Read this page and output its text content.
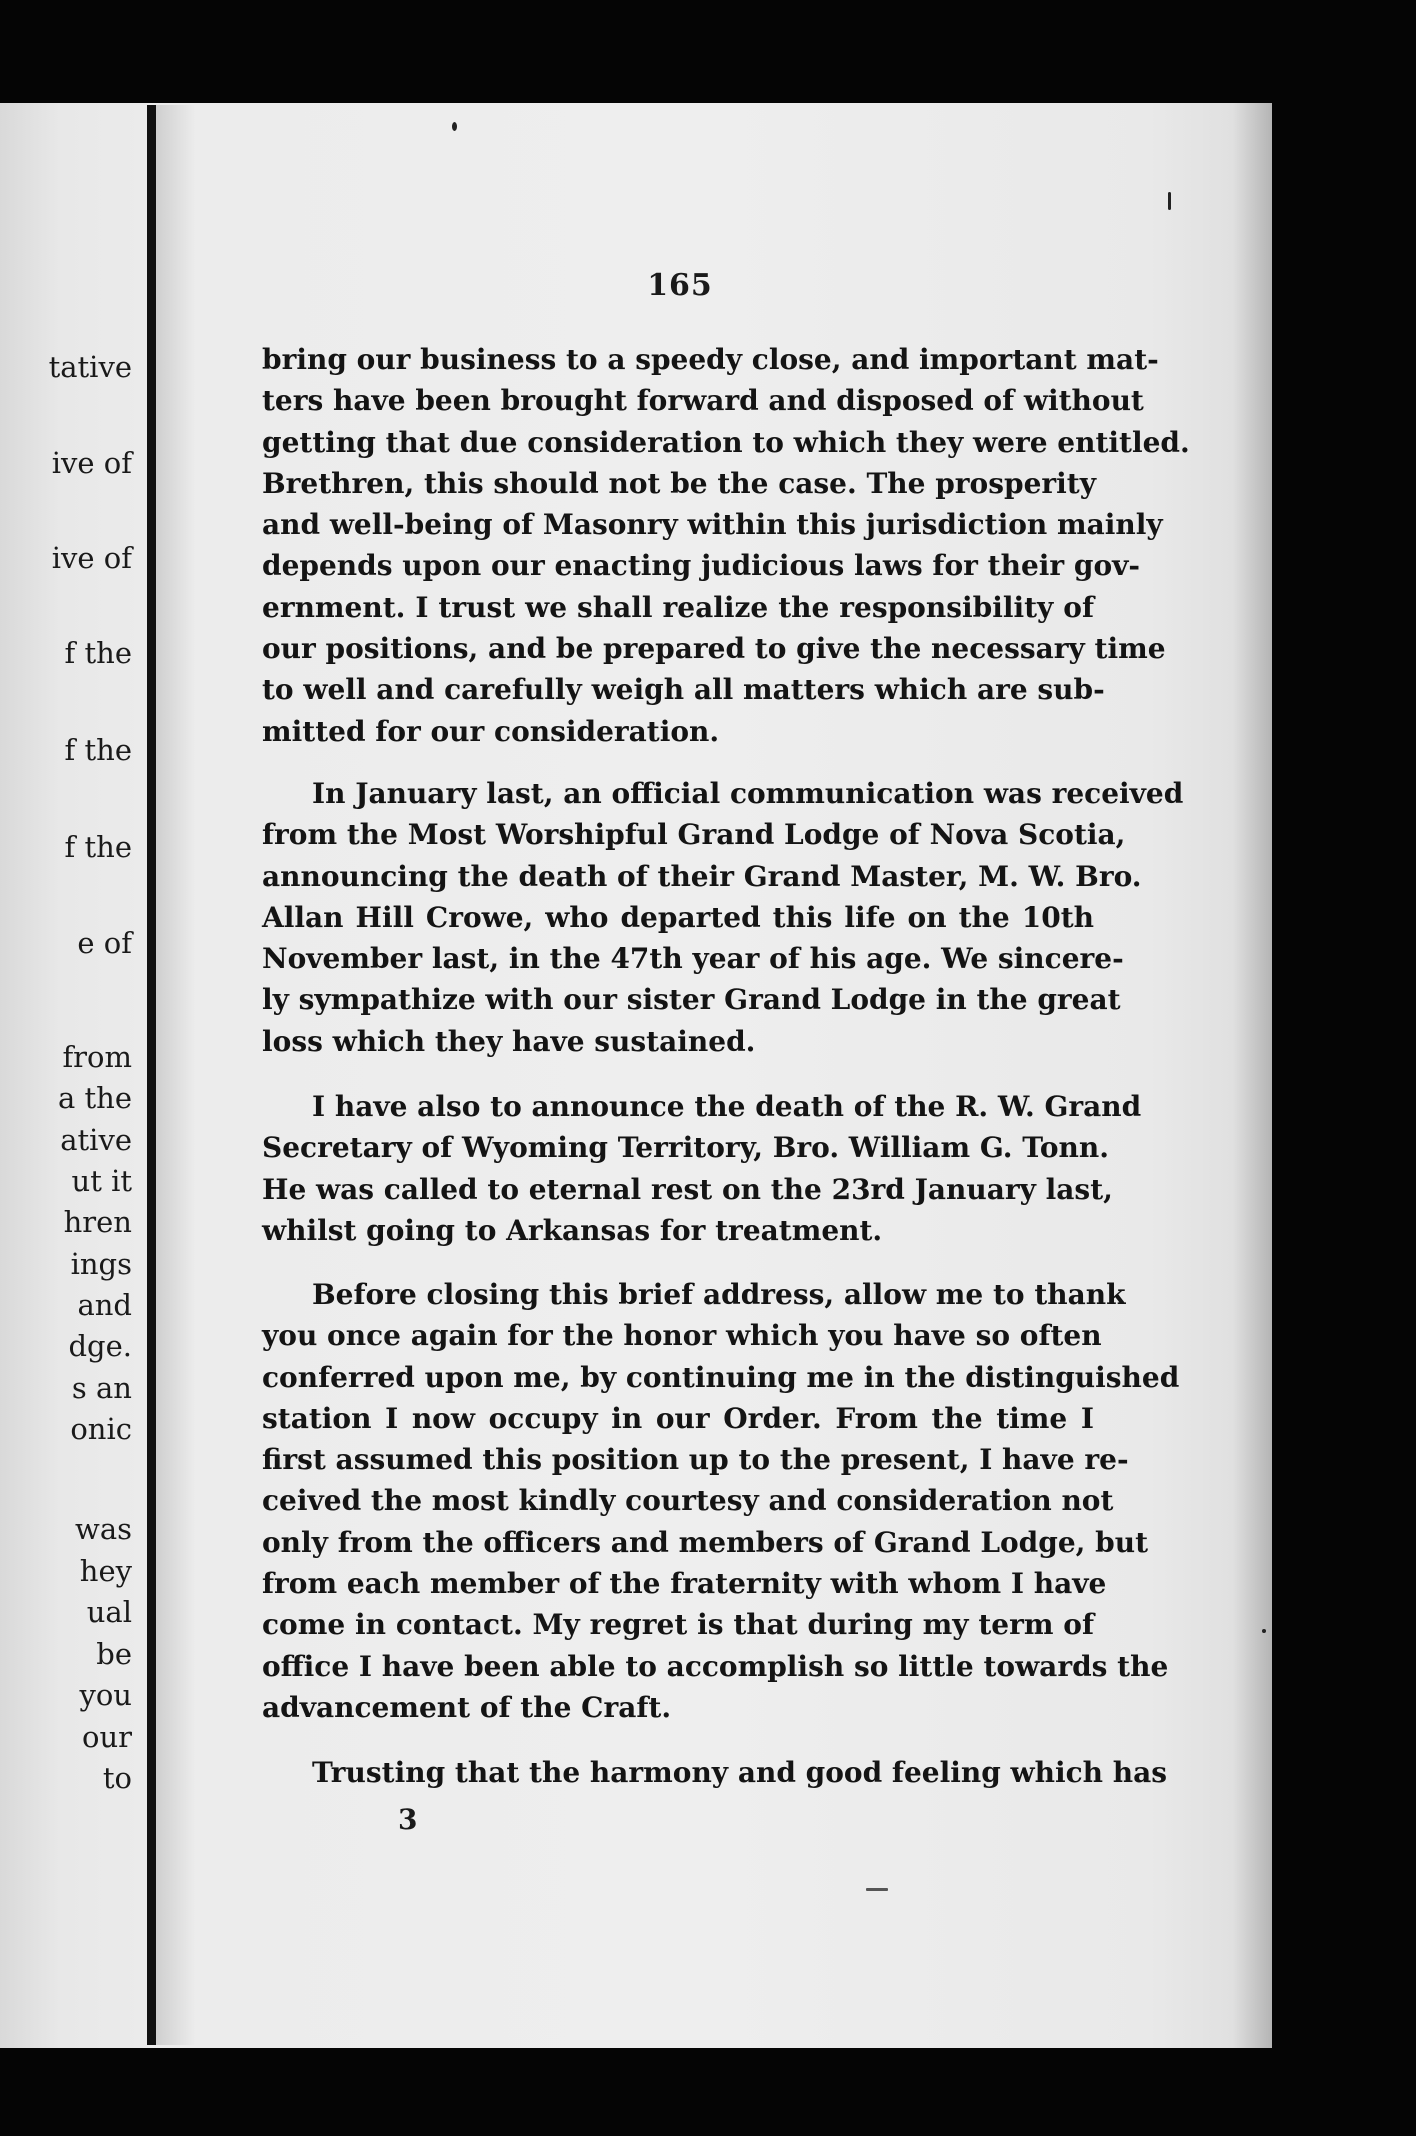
tative
ive of
ive of
f the
f the
f the
e of
from
a the
ative
ut it
hren
ings
and
dge.
s an
onic
was
hey
ual
be
you
our
to
165
bring our business to a speedy close, and important mat-
ters have been brought forward and disposed of without
getting that due consideration to which they were entitled.
Brethren, this should not be the case. The prosperity
and well-being of Masonry within this jurisdiction mainly
depends upon our enacting judicious laws for their gov-
ernment. I trust we shall realize the responsibility of
our positions, and be prepared to give the necessary time
to well and carefully weigh all matters which are sub-
mitted for our consideration.
In January last, an official communication was received
from the Most Worshipful Grand Lodge of Nova Scotia,
announcing the death of their Grand Master, M. W. Bro.
Allan Hill Crowe, who departed this life on the 10th
November last, in the 47th year of his age. We sincere-
ly sympathize with our sister Grand Lodge in the great
loss which they have sustained.
I have also to announce the death of the R. W. Grand
Secretary of Wyoming Territory, Bro. William G. Tonn.
He was called to eternal rest on the 23rd January last,
whilst going to Arkansas for treatment.
Before closing this brief address, allow me to thank
you once again for the honor which you have so often
conferred upon me, by continuing me in the distinguished
station I now occupy in our Order. From the time I
first assumed this position up to the present, I have re-
ceived the most kindly courtesy and consideration not
only from the officers and members of Grand Lodge, but
from each member of the fraternity with whom I have
come in contact. My regret is that during my term of
office I have been able to accomplish so little towards the
advancement of the Craft.
Trusting that the harmony and good feeling which has
3
